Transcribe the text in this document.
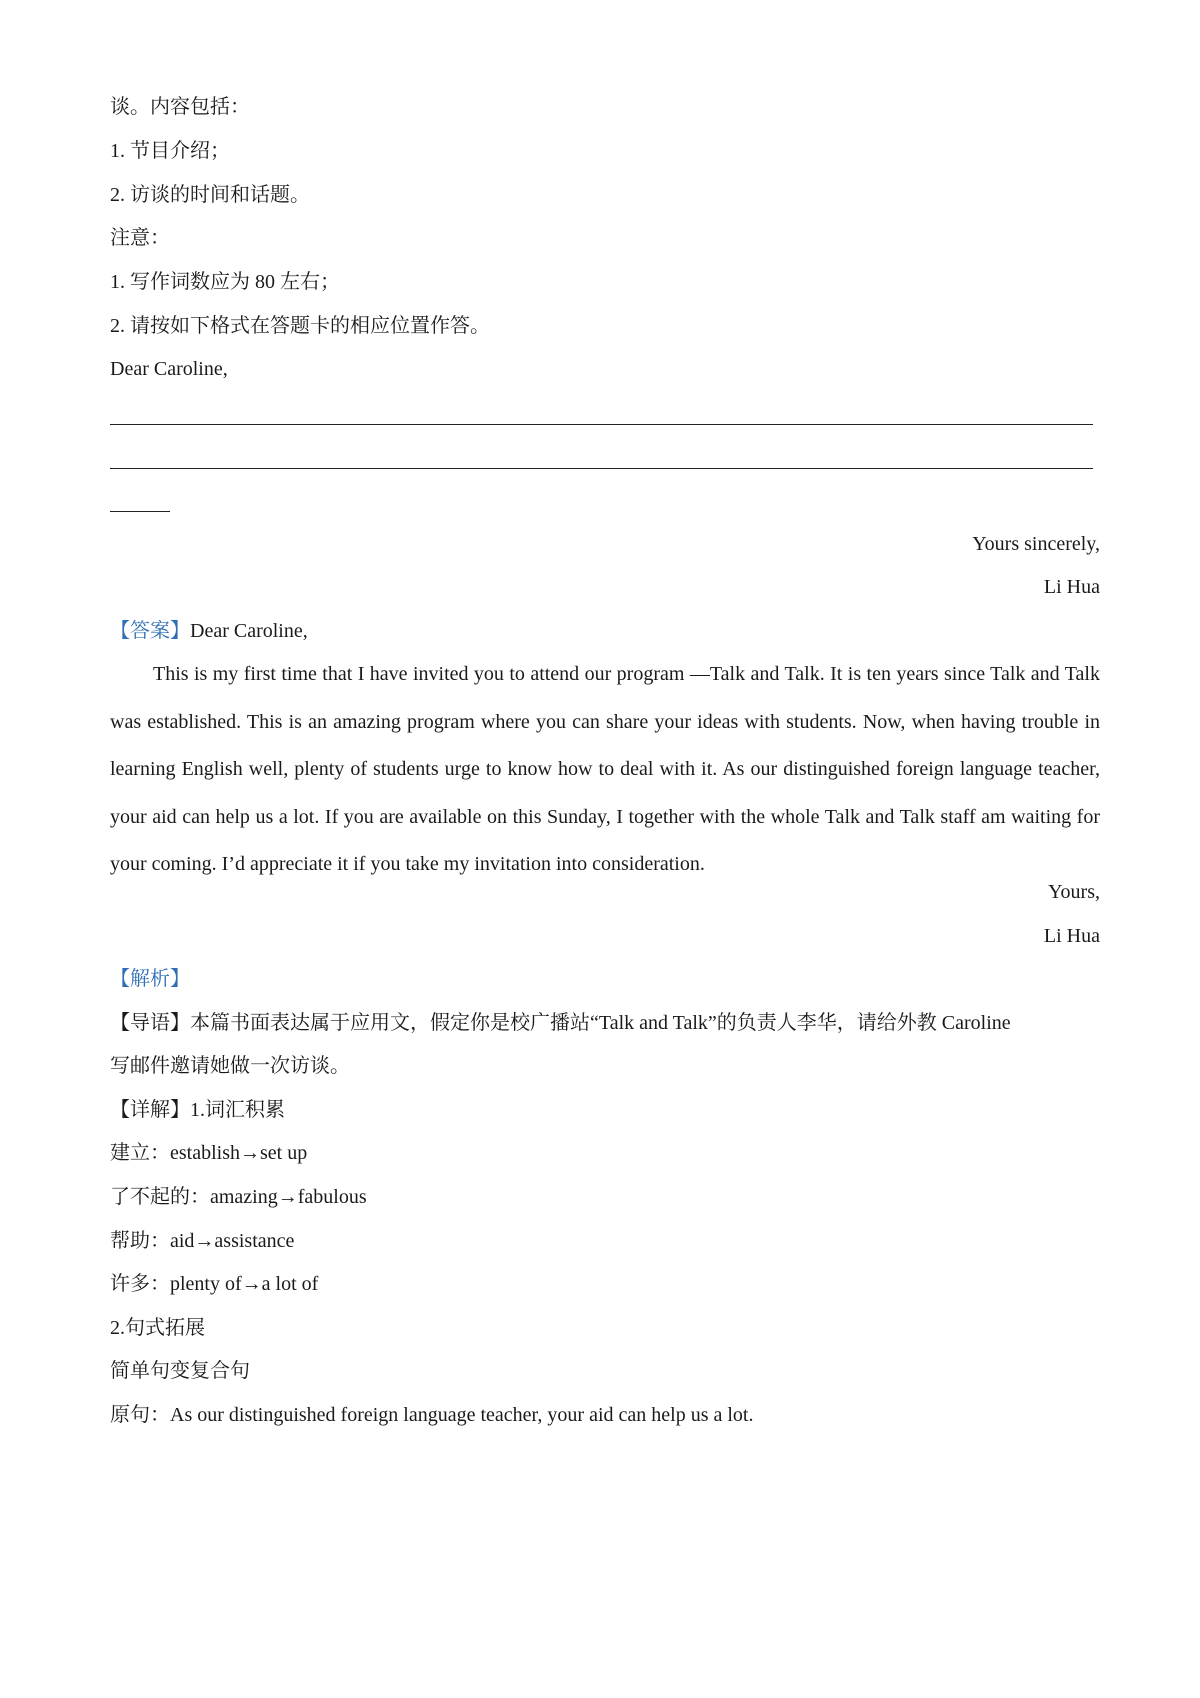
谈。内容包括：
1. 节目介绍；
2. 访谈的时间和话题。
注意：
1. 写作词数应为 80 左右；
2. 请按如下格式在答题卡的相应位置作答。
Dear Caroline,
Yours sincerely,
Li Hua
【答案】Dear Caroline,
This is my first time that I have invited you to attend our program —Talk and Talk. It is ten years since Talk and Talk was established. This is an amazing program where you can share your ideas with students. Now, when having trouble in learning English well, plenty of students urge to know how to deal with it. As our distinguished foreign language teacher, your aid can help us a lot. If you are available on this Sunday, I together with the whole Talk and Talk staff am waiting for your coming. I’d appreciate it if you take my invitation into consideration.
Yours,
Li Hua
【解析】
【导语】本篇书面表达属于应用文，假定你是校广播站“Talk and Talk”的负责人李华，请给外教 Caroline
写邮件邀请她做一次访谈。
【详解】1.词汇积累
建立：establish→set up
了不起的：amazing→fabulous
帮助：aid→assistance
许多：plenty of→a lot of
2.句式拓展
简单句变复合句
原句：As our distinguished foreign language teacher, your aid can help us a lot.
